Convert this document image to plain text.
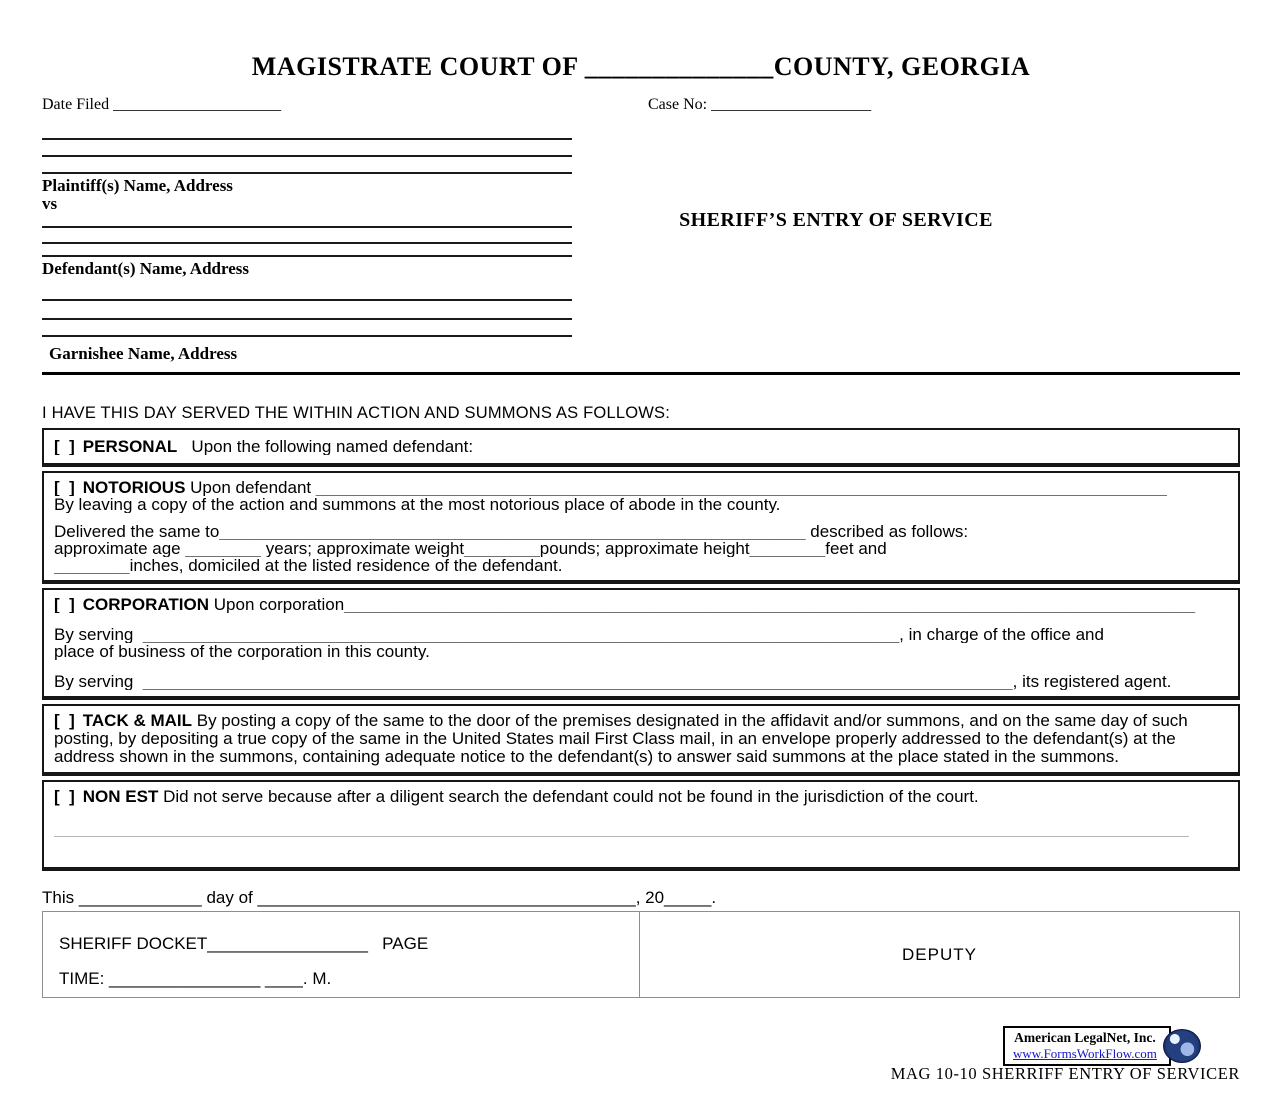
MAGISTRATE COURT OF ______________COUNTY, GEORGIA
Date Filed _____________________	Case No: ____________________
Plaintiff(s) Name, Address
vs
Defendant(s) Name, Address
Garnishee Name, Address
SHERIFF’S ENTRY OF SERVICE
I HAVE THIS DAY SERVED THE WITHIN ACTION AND SUMMONS AS FOLLOWS:
[  ] PERSONAL   Upon the following named defendant:
[  ] NOTORIOUS Upon defendant __________________________________________________________________________________________
By leaving a copy of the action and summons at the most notorious place of abode in the county.
Delivered the same to______________________________________________________________ described as follows:
approximate age ________ years; approximate weight________pounds; approximate height________feet and
________inches, domiciled at the listed residence of the defendant.
[  ] CORPORATION Upon corporation__________________________________________________________________________________________
By serving  ________________________________________________________________________________, in charge of the office and
place of business of the corporation in this county.
By serving  ____________________________________________________________________________________________, its registered agent.

[  ] TACK & MAIL By posting a copy of the same to the door of the premises designated in the affidavit and/or summons, and on the same day of such posting, by depositing a true copy of the same in the United States mail First Class mail, in an envelope properly addressed to the defendant(s) at the address shown in the summons, containing adequate notice to the defendant(s) to answer said summons at the place stated in the summons.

[  ] NON EST Did not serve because after a diligent search the defendant could not be found in the jurisdiction of the court.

________________________________________________________________________________________________________________________
This _____________ day of ________________________________________, 20_____.
SHERIFF DOCKET_________________   PAGE
TIME: ________________ ____. M.
DEPUTY
American LegalNet, Inc.
www.FormsWorkFlow.com
MAG 10-10 SHERRIFF ENTRY OF SERVICER
